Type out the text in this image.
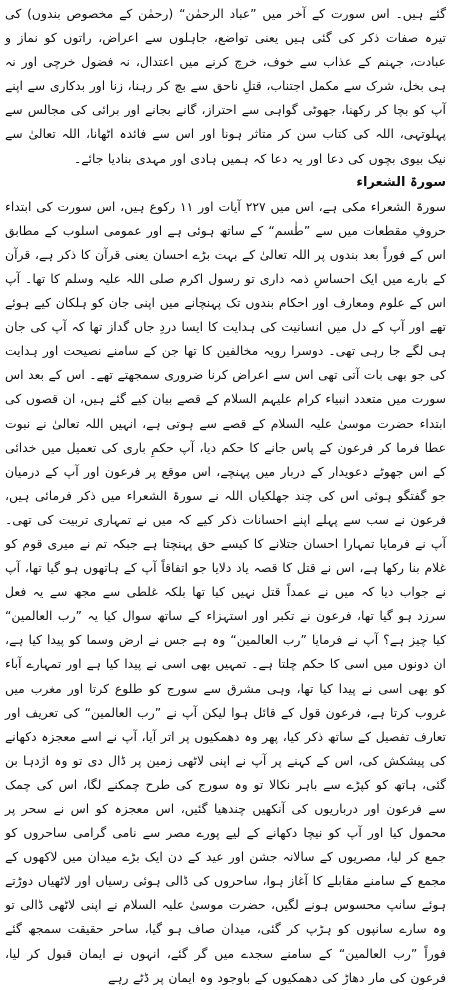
گئے ہیں۔ اس سورت کے آخر میں ”عباد الرحمٰن“ (رحمٰن کے مخصوص بندوں) کی تیرہ صفات ذکر کی گئی ہیں یعنی تواضع، جاہلوں سے اعراض، راتوں کو نماز و عبادت، جہنم کے عذاب سے خوف، خرچ کرنے میں اعتدال، نہ فضول خرچی اور نہ ہی بخل، شرک سے مکمل اجتناب، قتلِ ناحق سے بچ کر رہنا، زنا اور بدکاری سے اپنے آپ کو بچا کر رکھنا، جھوٹی گواہی سے احتراز، گانے بجانے اور برائی کی مجالس سے پہلوتہی، اللہ کی کتاب سن کر متاثر ہونا اور اس سے فائدہ اٹھانا، اللہ تعالیٰ سے نیک بیوی بچوں کی دعا اور یہ دعا کہ ہمیں ہادی اور مہدی بنادیا جائے۔

سورۃ الشعراء

سورۃ الشعراء مکی ہے، اس میں ۲۲۷ آیات اور ۱۱ رکوع ہیں، اس سورت کی ابتداء حروفِ مقطعات میں سے ”طٰسم“ کے ساتھ ہوئی ہے اور عمومی اسلوب کے مطابق اس کے فوراً بعد بندوں پر اللہ تعالیٰ کے بہت بڑے احسان یعنی قرآن کا ذکر ہے، قرآن کے بارے میں ایک احساسِ ذمہ داری تو رسول اکرم صلی اللہ علیہ وسلم کا تھا۔ آپ اس کے علوم ومعارف اور احکام بندوں تک پہنچانے میں اپنی جان کو ہلکان کیے ہوئے تھے اور آپ کے دل میں انسانیت کی ہدایت کا ایسا دردِ جاں گداز تھا کہ آپ کی جان ہی لگے جا رہی تھی۔ دوسرا رویہ مخالفین کا تھا جن کے سامنے نصیحت اور ہدایت کی جو بھی بات آتی تھی اس سے اعراض کرنا ضروری سمجھتے تھے۔ اس کے بعد اس سورت میں متعدد انبیاء کرام علیہم السلام کے قصے بیان کیے گئے ہیں، ان قصوں کی ابتداء حضرت موسیٰ علیہ السلام کے قصے سے ہوتی ہے، انہیں اللہ تعالیٰ نے نبوت عطا فرما کر فرعون کے پاس جانے کا حکم دیا، آپ حکمِ باری کی تعمیل میں خدائی کے اس جھوٹے دعویدار کے دربار میں پہنچے، اس موقع پر فرعون اور آپ کے درمیان جو گفتگو ہوئی اس کی چند جھلکیاں اللہ نے سورۃ الشعراء میں ذکر فرمائی ہیں، فرعون نے سب سے پہلے اپنے احسانات ذکر کیے کہ میں نے تمہاری تربیت کی تھی۔ آپ نے فرمایا تمہارا احسان جتلانے کا کیسے حق پہنچتا ہے جبکہ تم نے میری قوم کو غلام بنا رکھا ہے، اس نے قتل کا قصہ یاد دلایا جو اتفاقاً آپ کے ہاتھوں ہو گیا تھا، آپ نے جواب دیا کہ میں نے عمداً قتل نہیں کیا تھا بلکہ غلطی سے مجھ سے یہ فعل سرزد ہو گیا تھا، فرعون نے تکبر اور استہزاء کے ساتھ سوال کیا یہ ”رب العالمین“ کیا چیز ہے؟ آپ نے فرمایا ”رب العالمین“ وہ ہے جس نے ارض وسما کو پیدا کیا ہے، ان دونوں میں اسی کا حکم چلتا ہے۔ تمہیں بھی اسی نے پیدا کیا ہے اور تمہارے آباء کو بھی اسی نے پیدا کیا تھا، وہی مشرق سے سورج کو طلوع کرتا اور مغرب میں غروب کرتا ہے، فرعون قول کے قائل ہوا لیکن آپ نے ”رب العالمین“ کی تعریف اور تعارف تفصیل کے ساتھ ذکر کیا، پھر وہ دھمکیوں پر اتر آیا، آپ نے اسے معجزہ دکھانے کی پیشکش کی، اس کے کہنے پر آپ نے اپنی لاٹھی زمین پر ڈال دی تو وہ اژدہا بن گئی، ہاتھ کو کپڑے سے باہر نکالا تو وہ سورج کی طرح چمکنے لگا، اس کی چمک سے فرعون اور درباریوں کی آنکھیں چندھیا گئیں، اس معجزہ کو اس نے سحر پر محمول کیا اور آپ کو نیچا دکھانے کے لیے پورے مصر سے نامی گرامی ساحروں کو جمع کر لیا، مصریوں کے سالانہ جشن اور عید کے دن ایک بڑے میدان میں لاکھوں کے مجمع کے سامنے مقابلے کا آغاز ہوا، ساحروں کی ڈالی ہوئی رسیاں اور لاٹھیاں دوڑتے ہوئے سانپ محسوس ہونے لگیں، حضرت موسیٰ علیہ السلام نے اپنی لاٹھی ڈالی تو وہ سارے سانپوں کو ہڑپ کر گئی، میدان صاف ہو گیا، ساحر حقیقت سمجھ گئے فوراً ”رب العالمین“ کے سامنے سجدے میں گر گئے، انہوں نے ایمان قبول کر لیا، فرعون کی مار دھاڑ کی دھمکیوں کے باوجود وہ ایمان پر ڈٹے رہے
